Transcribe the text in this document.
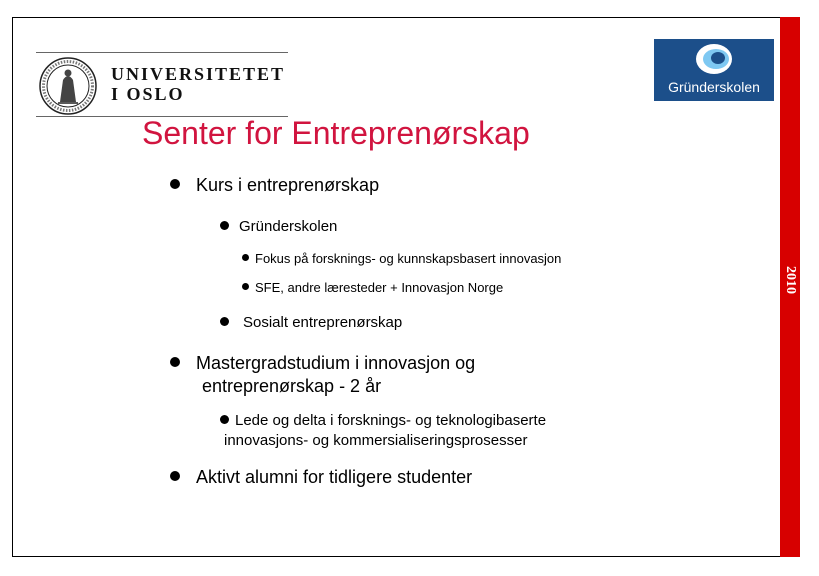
2010
UNIVERSITETET
I OSLO	Gründerskolen
Senter for Entreprenørskap
Kurs i entreprenørskap
Gründerskolen
Fokus på forsknings- og kunnskapsbasert innovasjon
SFE, andre læresteder + Innovasjon Norge
Sosialt entreprenørskap
Mastergradstudium i innovasjon og
entreprenørskap - 2 år
Lede og delta i forsknings- og teknologibaserte
innovasjons- og kommersialiseringsprosesser
Aktivt alumni for tidligere studenter
